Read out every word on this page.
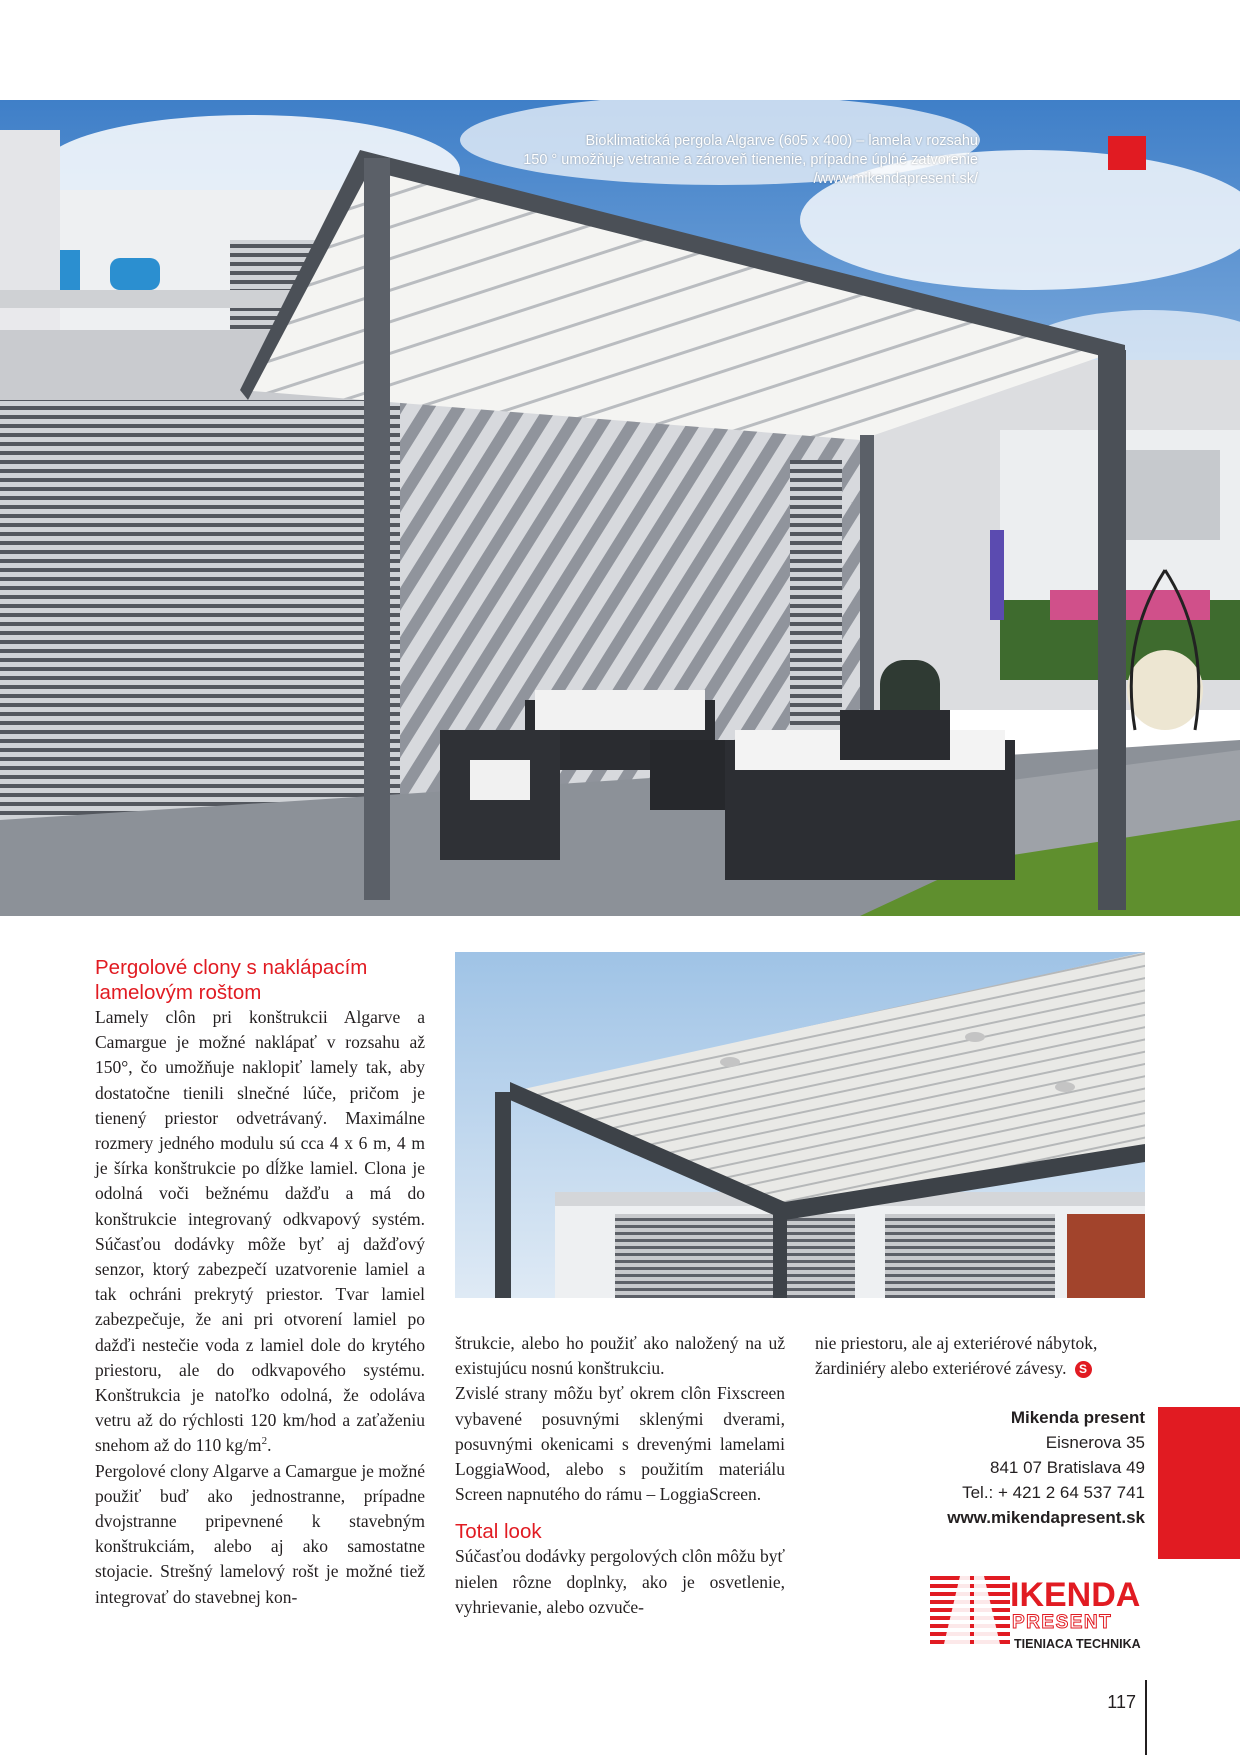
Bioklimatická pergola Algarve (605 x 400) – lamela v rozsahu
150 ° umožňuje vetranie a zároveň tienenie, prípadne úplné zatvorenie /www.mikendapresent.sk/
Pergolové clony s naklápacím
lamelovým roštom

Lamely clôn pri konštrukcii Algarve a Camargue je možné naklápať v rozsahu až 150°, čo umožňuje naklopiť lamely tak, aby dostatočne tienili slnečné lúče, pričom je tienený priestor odvetrávaný. Maximálne rozmery jedného modulu sú cca 4 x 6 m, 4 m je šírka konštrukcie po dĺžke lamiel. Clona je odolná voči bežnému dažďu a má do konštrukcie integrovaný odkvapový systém. Súčasťou dodávky môže byť aj dažďový senzor, ktorý zabezpečí uzatvorenie lamiel a tak ochráni prekrytý priestor. Tvar lamiel zabezpečuje, že ani pri otvorení lamiel po dažďi nestečie voda z lamiel dole do krytého priestoru, ale do odkvapového systému. Konštrukcia je natoľko odolná, že odoláva vetru až do rýchlosti 120 km/hod a zaťaženiu snehom až do 110 $kg/m^2$.

Pergolové clony Algarve a Camargue je možné použiť buď ako jednostranne, prípadne dvojstranne pripevnené k stavebným konštrukciám, alebo aj ako samostatne stojacie. Strešný lamelový rošt je možné tiež integrovať do stavebnej kon-

štrukcie, alebo ho použiť ako naložený na už existujúcu nosnú konštrukciu.

Zvislé strany môžu byť okrem clôn Fixscreen vybavené posuvnými sklenými dverami, posuvnými okenicami s drevenými lamelami LoggiaWood, alebo s použitím materiálu Screen napnutého do rámu – LoggiaScreen.

Total look

Súčasťou dodávky pergolových clôn môžu byť nielen rôzne doplnky, ako je osvetlenie, vyhrievanie, alebo ozvuče-

nie priestoru, ale aj exteriérové nábytok, žardiniéry alebo exteriérové závesy. S

Mikenda present
Eisnerova 35
841 07 Bratislava 49
Tel.: + 421 2 64 537 741
www.mikendapresent.sk
IKENDA
PRESENT
TIENIACA TECHNIKA
117
